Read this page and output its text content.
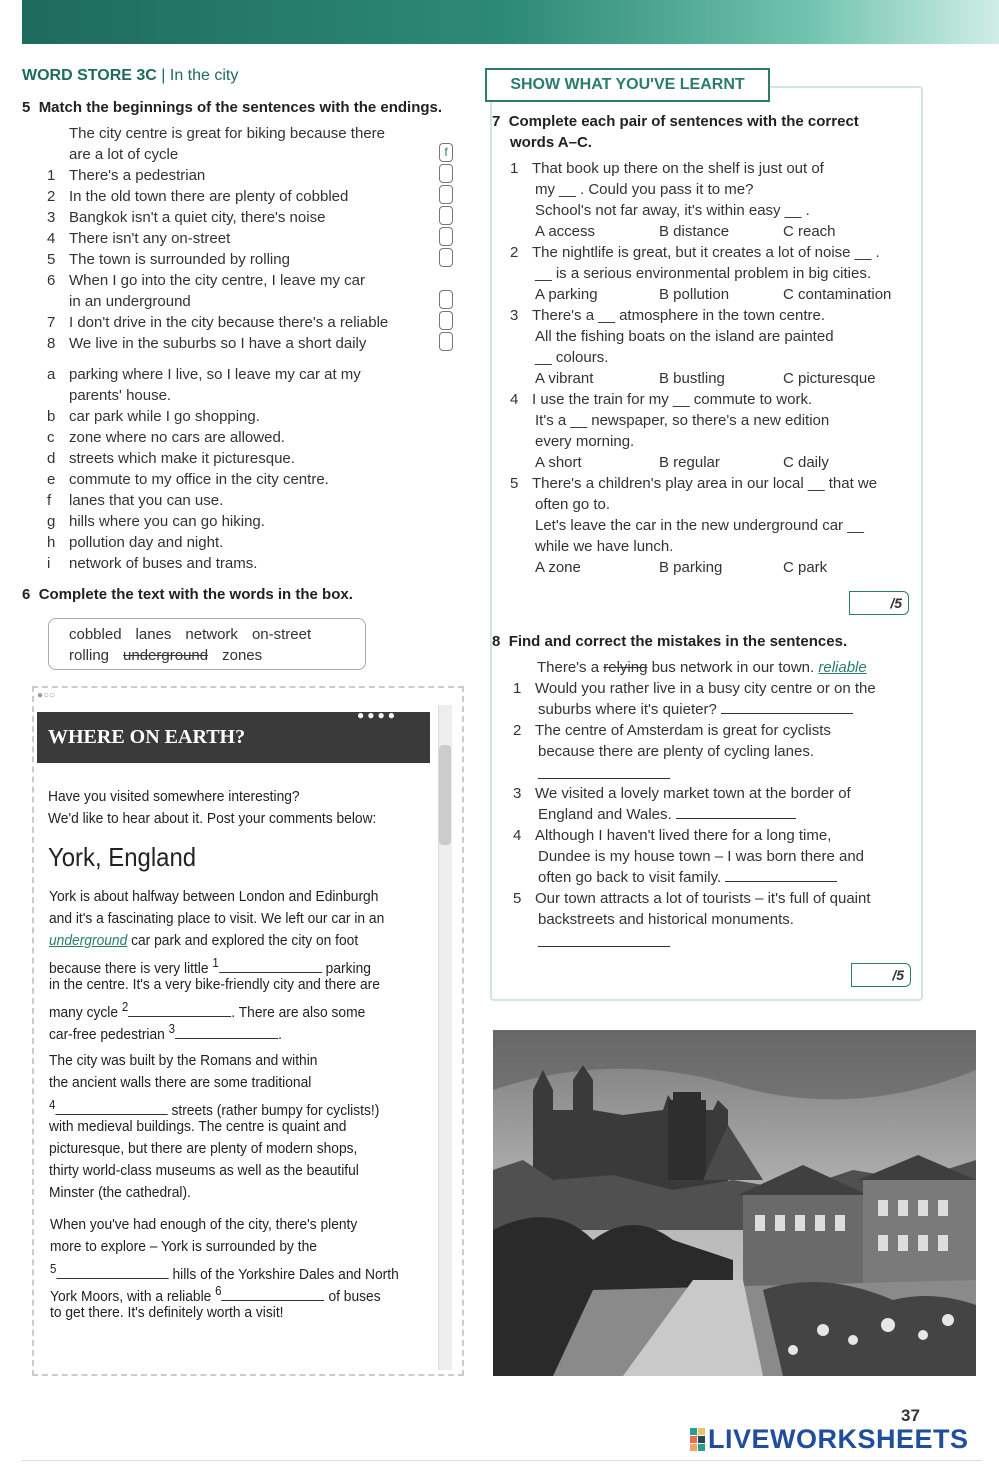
WORD STORE 3C | In the city
5 Match the beginnings of the sentences with the endings.
The city centre is great for biking because there
are a lot of cycle	f
1 There's a pedestrian
2 In the old town there are plenty of cobbled
3 Bangkok isn't a quiet city, there's noise
4 There isn't any on-street
5 The town is surrounded by rolling
6 When I go into the city centre, I leave my car
in an underground
7 I don't drive in the city because there's a reliable
8 We live in the suburbs so I have a short daily
a parking where I live, so I leave my car at my
parents' house.
b car park while I go shopping.
c zone where no cars are allowed.
d streets which make it picturesque.
e commute to my office in the city centre.
f lanes that you can use.
g hills where you can go hiking.
h pollution day and night.
i network of buses and trams.
6 Complete the text with the words in the box.
cobbled lanes network on-street
rolling underground zones
●○○
●●●●
WHERE ON EARTH?
Have you visited somewhere interesting?
We'd like to hear about it. Post your comments below:
York, England
York is about halfway between London and Edinburgh
and it's a fascinating place to visit. We left our car in an
underground car park and explored the city on foot
because there is very little $^1$	parking
in the centre. It's a very bike-friendly city and there are
many cycle $^2$	. There are also some
car-free pedestrian $^3$	.
The city was built by the Romans and within
the ancient walls there are some traditional
$^4$	streets (rather bumpy for cyclists!)
with medieval buildings. The centre is quaint and
picturesque, but there are plenty of modern shops,
thirty world-class museums as well as the beautiful
Minster (the cathedral).
When you've had enough of the city, there's plenty
more to explore – York is surrounded by the
$^5$	hills of the Yorkshire Dales and North
York Moors, with a reliable $^6$	of buses
to get there. It's definitely worth a visit!
SHOW WHAT YOU'VE LEARNT
7 Complete each pair of sentences with the correct
words A–C.
1 That book up there on the shelf is just out of
my __ . Could you pass it to me?
School's not far away, it's within easy __ .
A access	B distance	C reach
2 The nightlife is great, but it creates a lot of noise __ .
__ is a serious environmental problem in big cities.
A parking	B pollution	C contamination
3 There's a __ atmosphere in the town centre.
All the fishing boats on the island are painted
__ colours.
A vibrant	B bustling	C picturesque
4 I use the train for my __ commute to work.
It's a __ newspaper, so there's a new edition
every morning.
A short	B regular	C daily
5 There's a children's play area in our local __ that we
often go to.
Let's leave the car in the new underground car __
while we have lunch.
A zone	B parking	C park
/5
8 Find and correct the mistakes in the sentences.
There's a relying bus network in our town. reliable
1 Would you rather live in a busy city centre or on the
suburbs where it's quieter?
2 The centre of Amsterdam is great for cyclists
because there are plenty of cycling lanes.
3 We visited a lovely market town at the border of
England and Wales.
4 Although I haven't lived there for a long time,
Dundee is my house town – I was born there and
often go back to visit family.
5 Our town attracts a lot of tourists – it's full of quaint
backstreets and historical monuments.
/5
37
LIVEWORKSHEETS
